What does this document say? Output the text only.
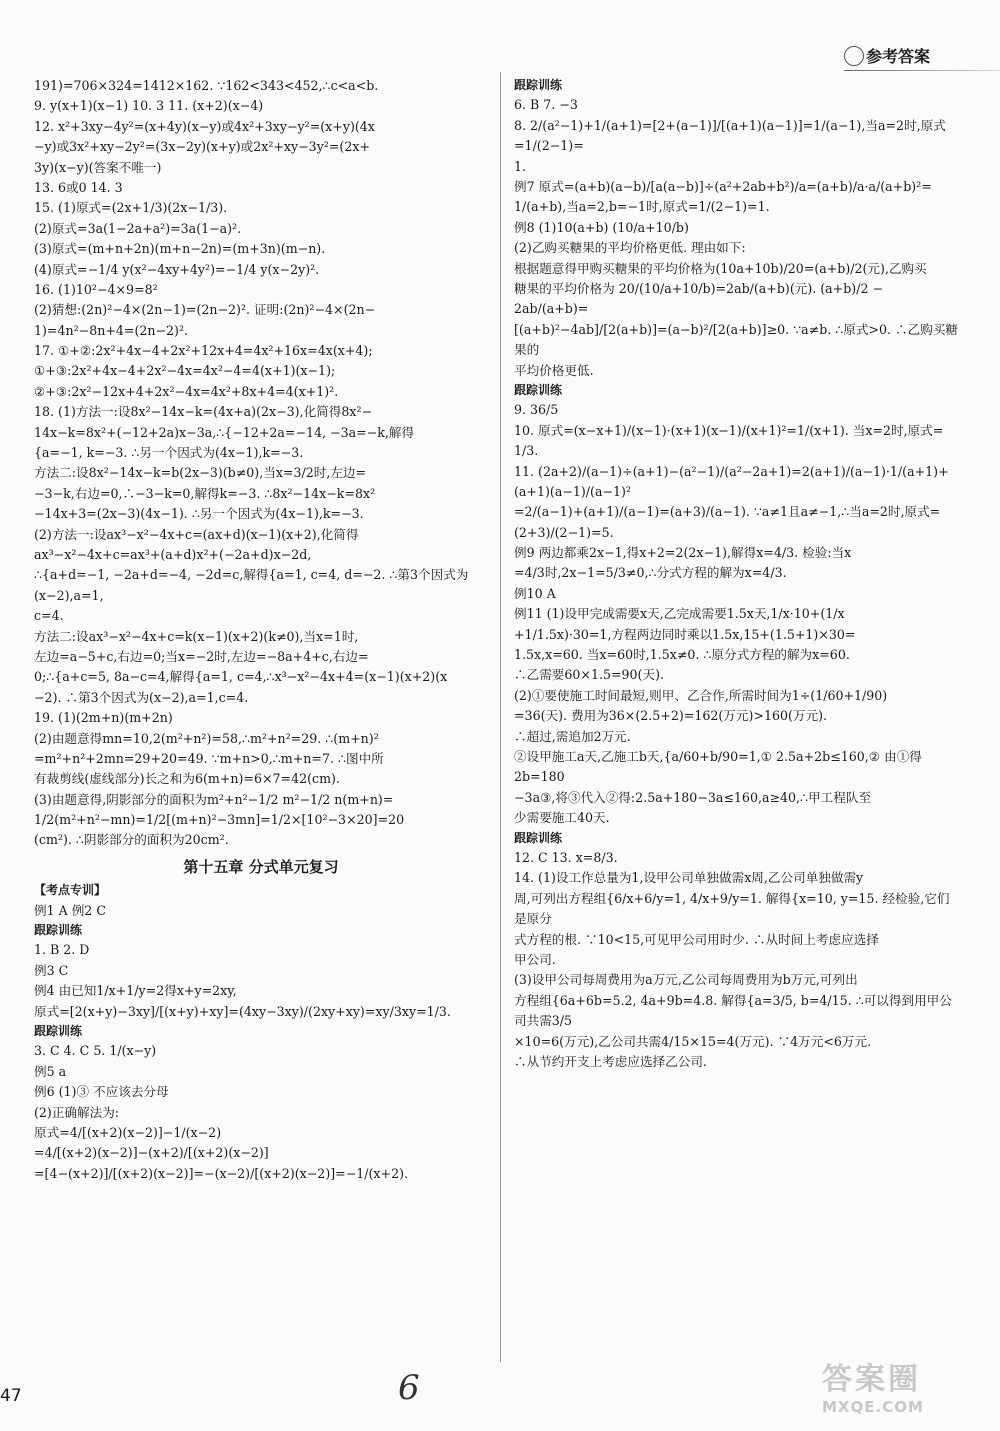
参考答案
191)=706×324=1412×162. ∵162<343<452,∴c<a<b.
9. y(x+1)(x−1) 10. 3 11. (x+2)(x−4)
12. x²+3xy−4y²=(x+4y)(x−y)或4x²+3xy−y²=(x+y)(4x
−y)或3x²+xy−2y²=(3x−2y)(x+y)或2x²+xy−3y²=(2x+
3y)(x−y)(答案不唯一)
13. 6或0 14. 3
15. (1)原式=(2x+1/3)(2x−1/3).
(2)原式=3a(1−2a+a²)=3a(1−a)².
(3)原式=(m+n+2n)(m+n−2n)=(m+3n)(m−n).
(4)原式=−1/4 y(x²−4xy+4y²)=−1/4 y(x−2y)².
16. (1)10²−4×9=8²
(2)猜想:(2n)²−4×(2n−1)=(2n−2)². 证明:(2n)²−4×(2n−
1)=4n²−8n+4=(2n−2)².
17. ①+②:2x²+4x−4+2x²+12x+4=4x²+16x=4x(x+4);
①+③:2x²+4x−4+2x²−4x=4x²−4=4(x+1)(x−1);
②+③:2x²−12x+4+2x²−4x=4x²+8x+4=4(x+1)².
18. (1)方法一:设8x²−14x−k=(4x+a)(2x−3),化简得8x²−
14x−k=8x²+(−12+2a)x−3a,∴{−12+2a=−14, −3a=−k,解得
{a=−1, k=−3. ∴另一个因式为(4x−1),k=−3.
方法二:设8x²−14x−k=b(2x−3)(b≠0),当x=3/2时,左边=
−3−k,右边=0,∴−3−k=0,解得k=−3. ∴8x²−14x−k=8x²
−14x+3=(2x−3)(4x−1). ∴另一个因式为(4x−1),k=−3.
(2)方法一:设ax³−x²−4x+c=(ax+d)(x−1)(x+2),化简得
ax³−x²−4x+c=ax³+(a+d)x²+(−2a+d)x−2d,
∴{a+d=−1, −2a+d=−4, −2d=c,解得{a=1, c=4, d=−2. ∴第3个因式为(x−2),a=1,
c=4.
方法二:设ax³−x²−4x+c=k(x−1)(x+2)(k≠0),当x=1时,
左边=a−5+c,右边=0;当x=−2时,左边=−8a+4+c,右边=
0;∴{a+c=5, 8a−c=4,解得{a=1, c=4,∴x³−x²−4x+4=(x−1)(x+2)(x
−2). ∴第3个因式为(x−2),a=1,c=4.
19. (1)(2m+n)(m+2n)
(2)由题意得mn=10,2(m²+n²)=58,∴m²+n²=29. ∴(m+n)²
=m²+n²+2mn=29+20=49. ∵m+n>0,∴m+n=7. ∴图中所
有裁剪线(虚线部分)长之和为6(m+n)=6×7=42(cm).
(3)由题意得,阴影部分的面积为m²+n²−1/2 m²−1/2 n(m+n)=
1/2(m²+n²−mn)=1/2[(m+n)²−3mn]=1/2×[10²−3×20]=20
(cm²). ∴阴影部分的面积为20cm².
第十五章 分式单元复习
【考点专训】
例1 A 例2 C
跟踪训练
1. B 2. D
例3 C
例4 由已知1/x+1/y=2得x+y=2xy,
原式=[2(x+y)−3xy]/[(x+y)+xy]=(4xy−3xy)/(2xy+xy)=xy/3xy=1/3.
跟踪训练
3. C 4. C 5. 1/(x−y)
例5 a
例6 (1)③ 不应该去分母
(2)正确解法为:
原式=4/[(x+2)(x−2)]−1/(x−2)
=4/[(x+2)(x−2)]−(x+2)/[(x+2)(x−2)]
=[4−(x+2)]/[(x+2)(x−2)]=−(x−2)/[(x+2)(x−2)]=−1/(x+2).
跟踪训练
6. B 7. −3
8. 2/(a²−1)+1/(a+1)=[2+(a−1)]/[(a+1)(a−1)]=1/(a−1),当a=2时,原式=1/(2−1)=
1.
例7 原式=(a+b)(a−b)/[a(a−b)]÷(a²+2ab+b²)/a=(a+b)/a·a/(a+b)²=
1/(a+b),当a=2,b=−1时,原式=1/(2−1)=1.
例8 (1)10(a+b) (10/a+10/b)
(2)乙购买糖果的平均价格更低. 理由如下:
根据题意得甲购买糖果的平均价格为(10a+10b)/20=(a+b)/2(元),乙购买
糖果的平均价格为 20/(10/a+10/b)=2ab/(a+b)(元). (a+b)/2 − 2ab/(a+b)=
[(a+b)²−4ab]/[2(a+b)]=(a−b)²/[2(a+b)]≥0. ∵a≠b. ∴原式>0. ∴乙购买糖果的
平均价格更低.
跟踪训练
9. 36/5
10. 原式=(x−x+1)/(x−1)·(x+1)(x−1)/(x+1)²=1/(x+1). 当x=2时,原式=
1/3.
11. (2a+2)/(a−1)÷(a+1)−(a²−1)/(a²−2a+1)=2(a+1)/(a−1)·1/(a+1)+(a+1)(a−1)/(a−1)²
=2/(a−1)+(a+1)/(a−1)=(a+3)/(a−1). ∵a≠1且a≠−1,∴当a=2时,原式=
(2+3)/(2−1)=5.
例9 两边都乘2x−1,得x+2=2(2x−1),解得x=4/3. 检验:当x
=4/3时,2x−1=5/3≠0,∴分式方程的解为x=4/3.
例10 A
例11 (1)设甲完成需要x天,乙完成需要1.5x天,1/x·10+(1/x
+1/1.5x)·30=1,方程两边同时乘以1.5x,15+(1.5+1)×30=
1.5x,x=60. 当x=60时,1.5x≠0. ∴原分式方程的解为x=60.
∴乙需要60×1.5=90(天).
(2)①要使施工时间最短,则甲、乙合作,所需时间为1÷(1/60+1/90)
=36(天). 费用为36×(2.5+2)=162(万元)>160(万元).
∴超过,需追加2万元.
②设甲施工a天,乙施工b天,{a/60+b/90=1,① 2.5a+2b≤160,② 由①得2b=180
−3a③,将③代入②得:2.5a+180−3a≤160,a≥40,∴甲工程队至
少需要施工40天.
跟踪训练
12. C 13. x=8/3.
14. (1)设工作总量为1,设甲公司单独做需x周,乙公司单独做需y
周,可列出方程组{6/x+6/y=1, 4/x+9/y=1. 解得{x=10, y=15. 经检验,它们是原分
式方程的根. ∵10<15,可见甲公司用时少. ∴从时间上考虑应选择
甲公司.
(3)设甲公司每周费用为a万元,乙公司每周费用为b万元,可列出
方程组{6a+6b=5.2, 4a+9b=4.8. 解得{a=3/5, b=4/15. ∴可以得到用甲公司共需3/5
×10=6(万元),乙公司共需4/15×15=4(万元). ∵4万元<6万元.
∴从节约开支上考虑应选择乙公司.
47	6	答案圈
MXQE.COM
